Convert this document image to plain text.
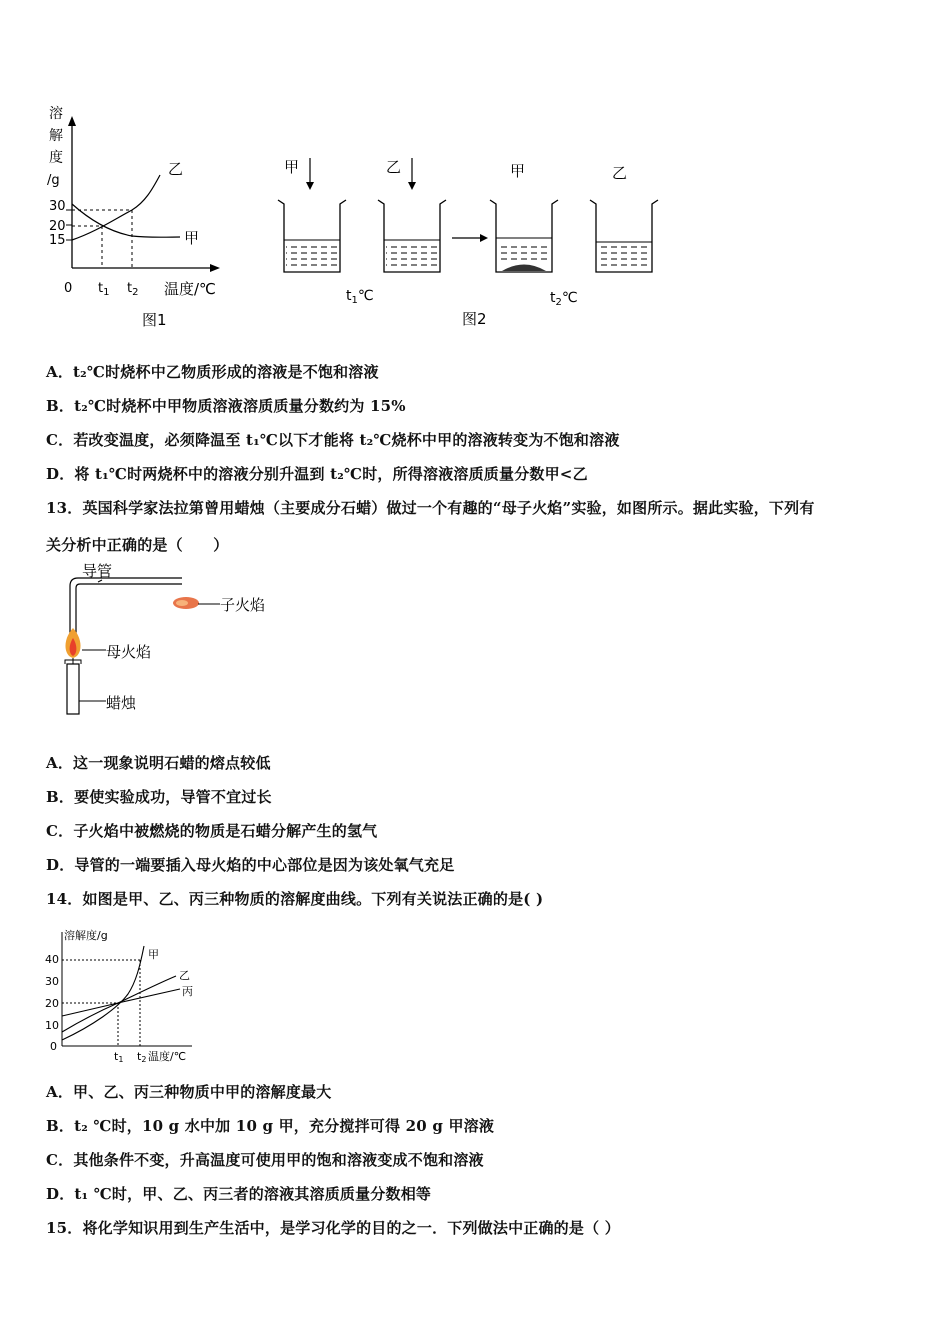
溶
解
度
/g
30
20
15
乙
甲
0 $t_1$ $t_2$ 温度/℃
图1
甲	乙	甲	乙
$t_1℃$	$t_2℃$
图2
A．t₂℃时烧杯中乙物质形成的溶液是不饱和溶液
B．t₂℃时烧杯中甲物质溶液溶质质量分数约为 15%
C．若改变温度，必须降温至 t₁℃以下才能将 t₂℃烧杯中甲的溶液转变为不饱和溶液
D．将 t₁℃时两烧杯中的溶液分别升温到 t₂℃时，所得溶液溶质质量分数甲<乙
13．英国科学家法拉第曾用蜡烛（主要成分石蜡）做过一个有趣的“母子火焰”实验，如图所示。据此实验，下列有
关分析中正确的是（　　）
导管
子火焰
母火焰
蜡烛
A．这一现象说明石蜡的熔点较低
B．要使实验成功，导管不宜过长
C．子火焰中被燃烧的物质是石蜡分解产生的氢气
D．导管的一端要插入母火焰的中心部位是因为该处氧气充足
14．如图是甲、乙、丙三种物质的溶解度曲线。下列有关说法正确的是( )
溶解度/g
40
30
20
10
0
甲
乙
丙
t1 t2 温度/℃
A．甲、乙、丙三种物质中甲的溶解度最大
B．t₂ ℃时，10 g 水中加 10 g 甲，充分搅拌可得 20 g 甲溶液
C．其他条件不变，升高温度可使用甲的饱和溶液变成不饱和溶液
D．t₁ ℃时，甲、乙、丙三者的溶液其溶质质量分数相等
15．将化学知识用到生产生活中，是学习化学的目的之一．下列做法中正确的是（ ）
